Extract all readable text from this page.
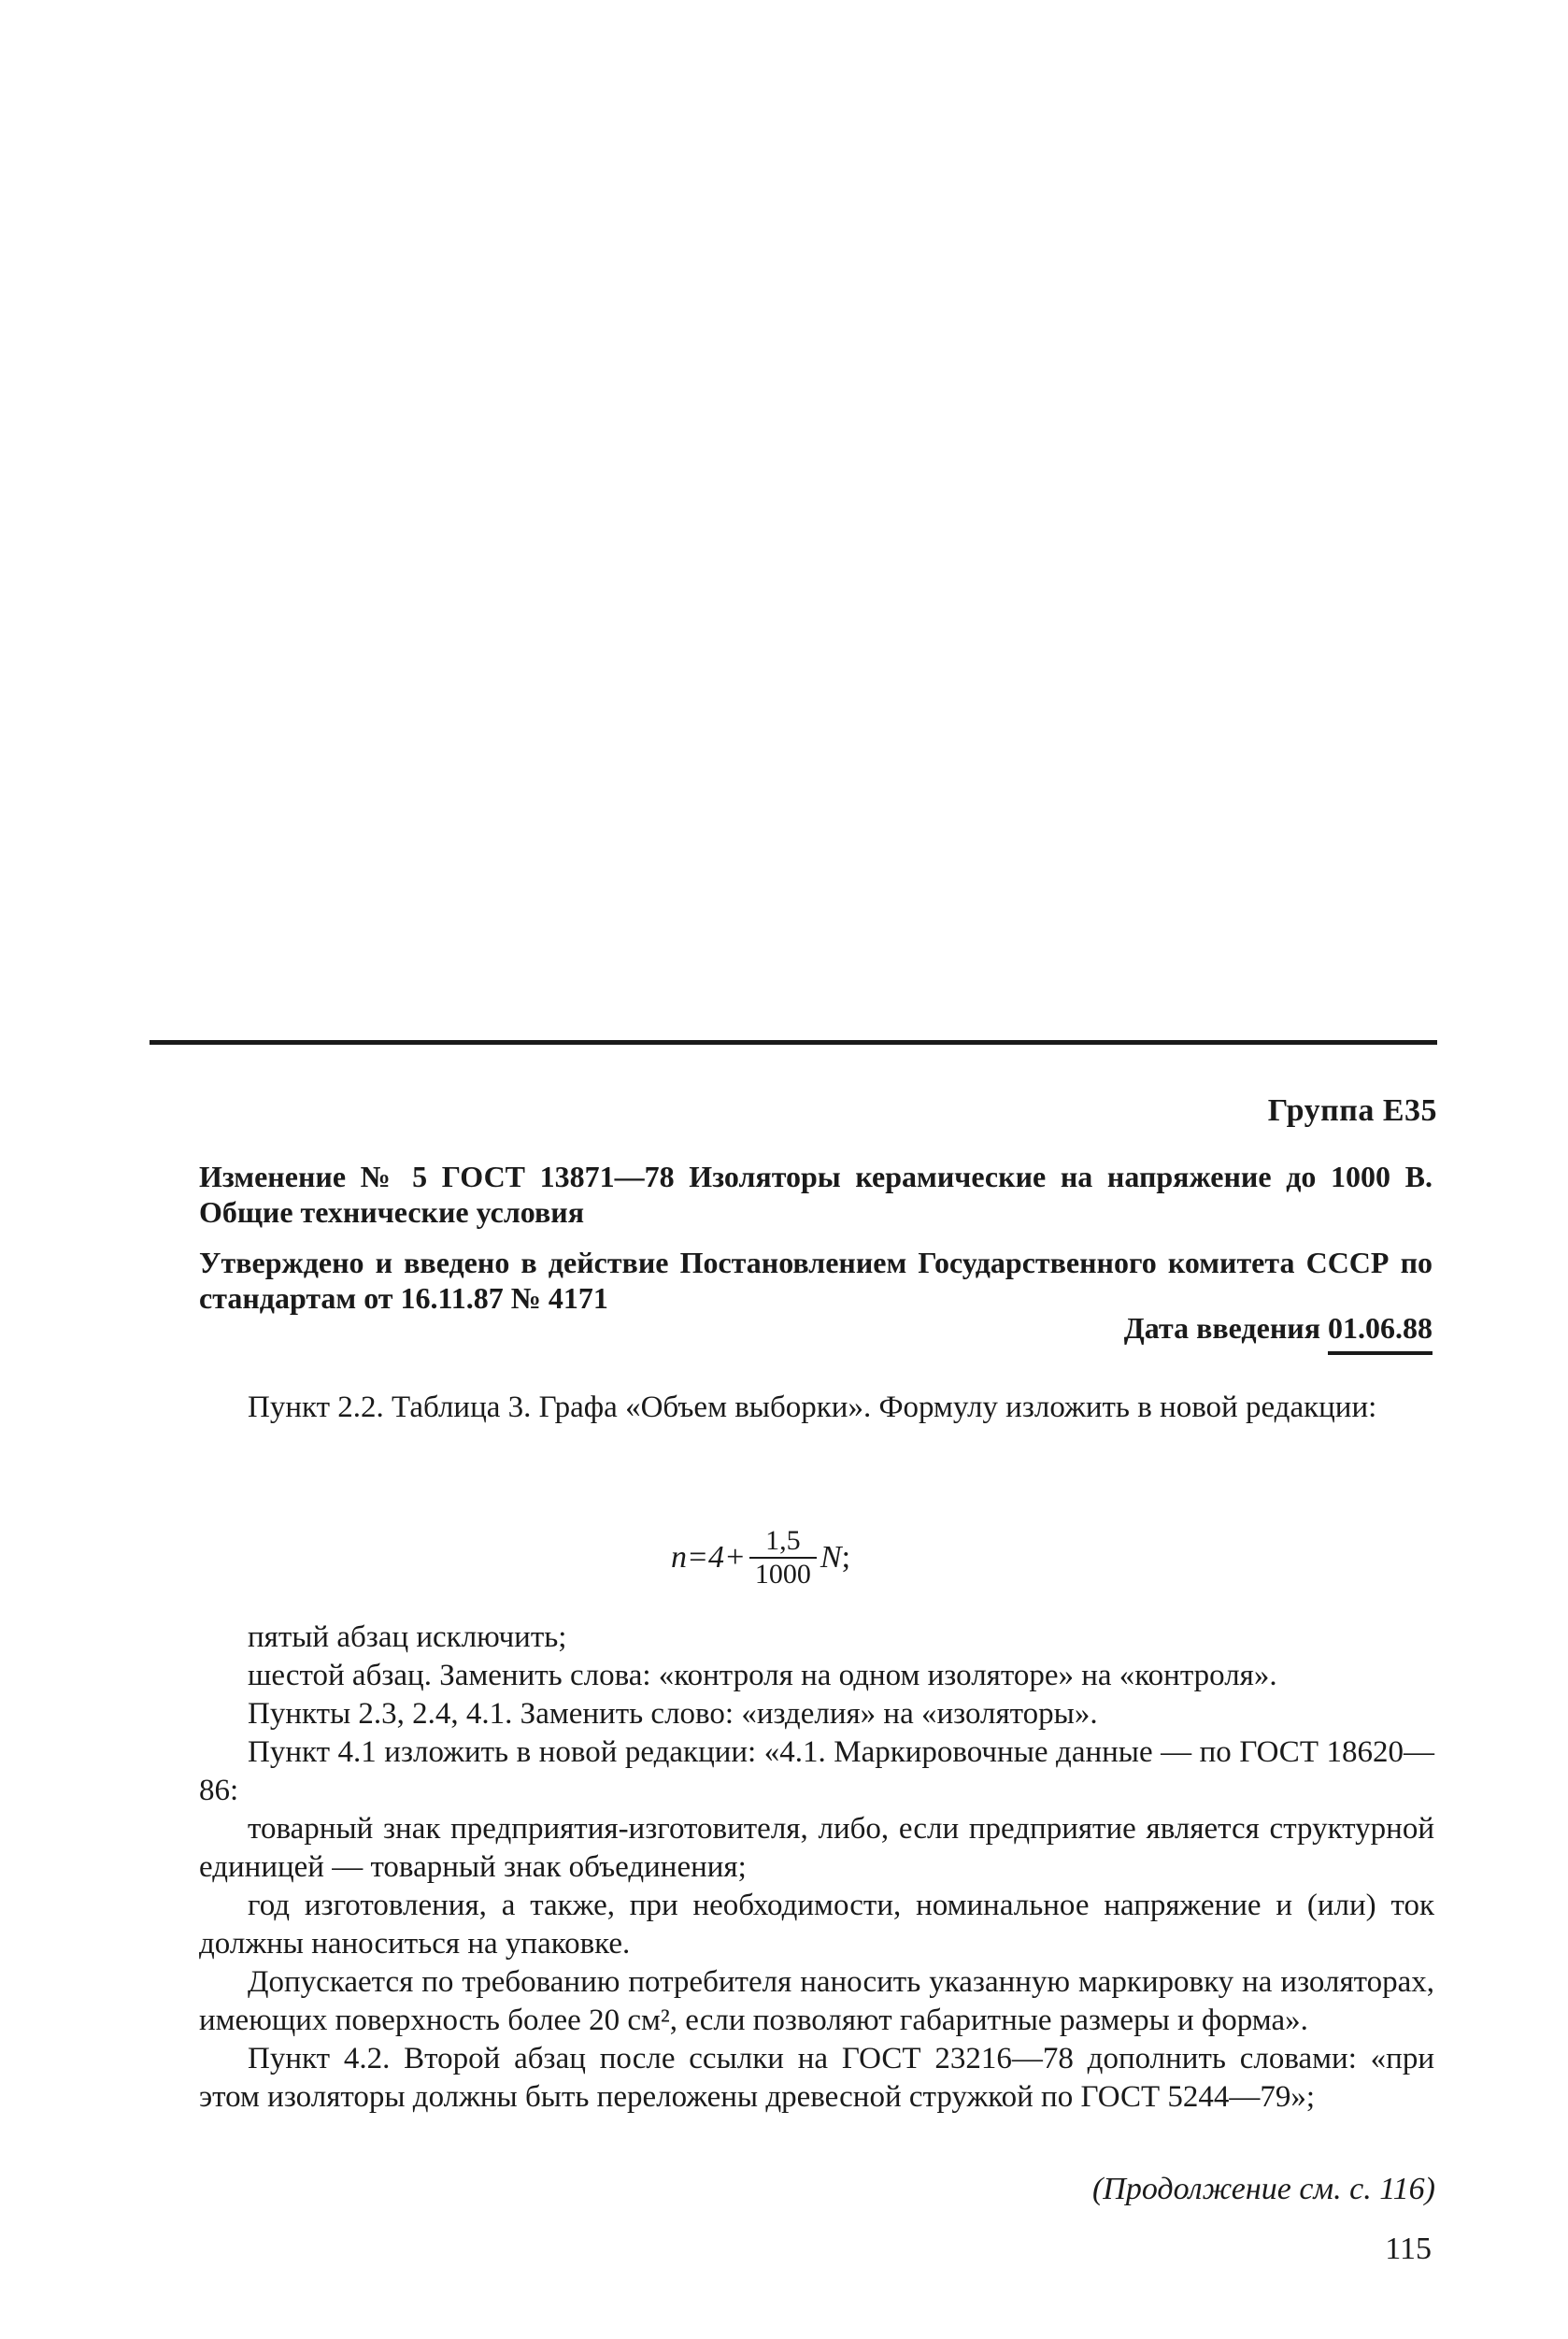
Группа Е35
Изменение № 5 ГОСТ 13871—78 Изоляторы керамические на напряжение до 1000 В. Общие технические условия
Утверждено и введено в действие Постановлением Государственного комитета СССР по стандартам от 16.11.87 № 4171
Дата введения 01.06.88

Пункт 2.2. Таблица 3. Графа «Объем выборки». Формулу изложить в новой редакции:

$n=4+ \frac{1,5}{1000}$ N ;

пятый абзац исключить;

шестой абзац. Заменить слова: «контроля на одном изоляторе» на «контроля».

Пункты 2.3, 2.4, 4.1. Заменить слово: «изделия» на «изоляторы».

Пункт 4.1 изложить в новой редакции: «4.1. Маркировочные данные — по ГОСТ 18620—86:

товарный знак предприятия-изготовителя, либо, если предприятие является структурной единицей — товарный знак объединения;

год изготовления, а также, при необходимости, номинальное напряжение и (или) ток должны наноситься на упаковке.

Допускается по требованию потребителя наносить указанную маркировку на изоляторах, имеющих поверхность более 20 см², если позволяют габаритные размеры и форма».

Пункт 4.2. Второй абзац после ссылки на ГОСТ 23216—78 дополнить словами: «при этом изоляторы должны быть переложены древесной стружкой по ГОСТ 5244—79»;

(Продолжение см. с. 116)
115
